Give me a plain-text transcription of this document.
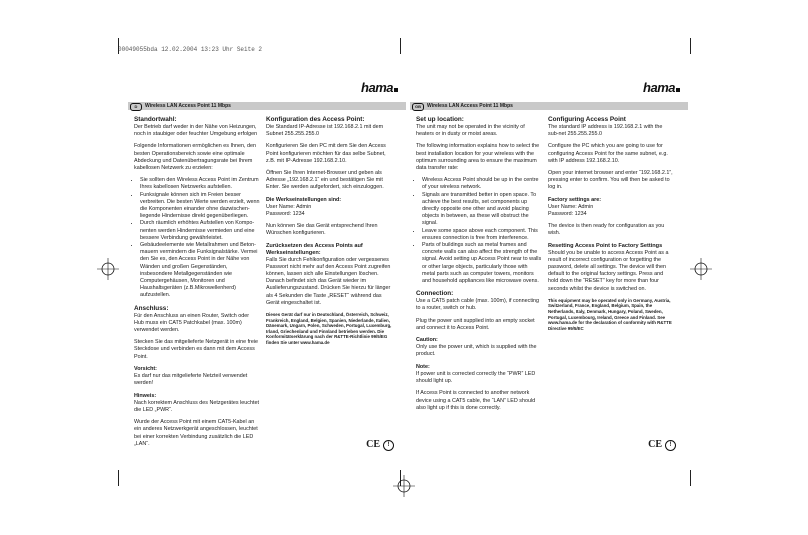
00049055bda 12.02.2004 13:23 Uhr Seite 2
hama
D Wireless LAN Access Point 11 Mbps
Standortwahl:

Der Betrieb darf weder in der Nähe von Heizungen, noch in staubiger oder feuchter Umgebung erfolgen

Folgende Informationen ermöglichen es Ihnen, den besten Operationsbereich sowie eine optimale Abdeckung und Datenübertragungsrate bei Ihrem kabellosen Netzwerk zu erzielen:

• Sie sollten den Wireless Access Point im Zentrum Ihres kabellosen Netzwerks aufstellen.
• Funksignale können sich im Freien besser verbreiten. Die besten Werte werden erzielt, wenn die Komponenten einander ohne dazwischen-liegende Hindernisse direkt gegenüberliegen.
• Durch räumlich erhöhtes Aufstellen von Kompo-nenten werden Hindernisse vermieden und eine bessere Verbindung gewährleistet.
• Gebäudeelemente wie Metallrahmen und Beton-mauern vermindern die Funksignalstärke. Vermei den Sie es, den Access Point in der Nähe von Wänden und großen Gegenständen, insbesondere Metallgegenständen wie Computergehäusen, Monitoren und Haushaltsgeräten (z.B.Mikrowellenherd) aufzustellen.
Anschluss:

Für den Anschluss an einen Router, Switch oder Hub muss ein CAT5 Patchkabel (max. 100m) verwendet werden.

Stecken Sie das mitgelieferte Netzgerät in eine freie Steckdose und verbinden es dann mit dem Access Point.

Vorsicht:

Es darf nur das mitgelieferte Netzteil verwendet werden!

Hinweis:

Nach korrektem Anschluss des Netzgerätes leuchtet die LED „PWR“.

Wurde der Access Point mit einem CAT5-Kabel an ein anderes Netzwerkgerät angeschlossen, leuchtet bei einer korrekten Verbindung zusätzlich die LED „LAN“.

Konfiguration des Access Point:

Die Standard IP-Adresse ist 192.168.2.1 mit dem Subnet 255.255.255.0

Konfigurieren Sie den PC mit dem Sie den Access Point konfigurieren möchten für das selbe Subnet, z.B. mit IP-Adresse 192.168.2.10.

Öffnen Sie Ihren Internet-Browser und geben als Adresse „192.168.2.1“ ein und bestätigen Sie mit Enter. Sie werden aufgefordert, sich einzuloggen.

Die Werkseinstellungen sind:
User Name: Admin
Password: 1234

Nun können Sie das Gerät entsprechend Ihren Wünschen konfigurieren.

Zurücksetzen des Access Points auf Werkseinstellungen:

Falls Sie durch Fehlkonfiguration oder vergessenes Passwort nicht mehr auf den Access Point zugreifen können, lassen sich alle Einstellungen löschen. Danach befindet sich das Gerät wieder im Auslieferungszustand. Drücken Sie hierzu für länger als 4 Sekunden die Taste „RESET“ während das Gerät eingeschaltet ist.

Dieses Gerät darf nur in Deutschland, Österreich, Schweiz, Frankreich, England, Belgien, Spanien, Niederlande, Italien, Dänemark, Ungarn, Polen, Schweden, Portugal, Luxemburg, Irland, Griechenland und Finnland betrieben werden. Die Konformitätserklärung nach der R&TTE-Richtlinie 99/5/EG finden Sie unter www.hama.de

CE	!
hama
GB Wireless LAN Access Point 11 Mbps
Set up location:

The unit may not be operated in the vicinity of heaters or in dusty or moist areas.

The following information explains how to select the best installation location for your wireless with the optimum surrounding area to ensure the maximum data transfer rate:

• Wireless Access Point should be up in the centre of your wireless network.
• Signals are transmitted better in open space. To achieve the best results, set components up directly opposite one other and avoid placing objects in between, as these will obstruct the signal.
• Leave some space above each component. This ensures connection is free from interference.
• Parts of buildings such as metal frames and concrete walls can also affect the strength of the signal. Avoid setting up Access Point near to walls or other large objects, particularly those with metal parts such as computer towers, monitors and household appliances like microwave ovens.
Connection:

Use a CAT5 patch cable (max. 100m), if connecting to a router, switch or hub.

Plug the power unit supplied into an empty socket and connect it to Access Point.

Caution:

Only use the power unit, which is supplied with the product.

Note:

If power unit is corrected correctly the “PWR” LED should light up.

If Access Point is connected to another network device using a CAT5 cable, the “LAN” LED should also light up if this is done correctly.

Configuring Access Point

The standard IP address is 192.168.2.1 with the sub-net 255.255.255.0

Configure the PC which you are going to use for configuring Access Point for the same subnet, e.g. with IP address 192.168.2.10.

Open your internet browser and enter “192.168.2.1”, pressing enter to confirm. You will then be asked to log in.

Factory settings are:
User Name: Admin
Password: 1234

The device is then ready for configuration as you wish.

Resetting Access Point to Factory Settings

Should you be unable to access Access Point as a result of incorrect configuration or forgetting the password, delete all settings. The device will then default to the original factory settings. Press and hold down the “RESET” key for more than four seconds whilst the device is switched on.

This equipment may be operated only in Germany, Austria, Switzerland, France, England, Belgium, Spain, the Netherlands, Italy, Denmark, Hungary, Poland, Sweden, Portugal, Luxembourg, Ireland, Greece and Finland. See www.hama.de for the declaration of conformity with R&TTE Directive 99/5/EC

CE	!
